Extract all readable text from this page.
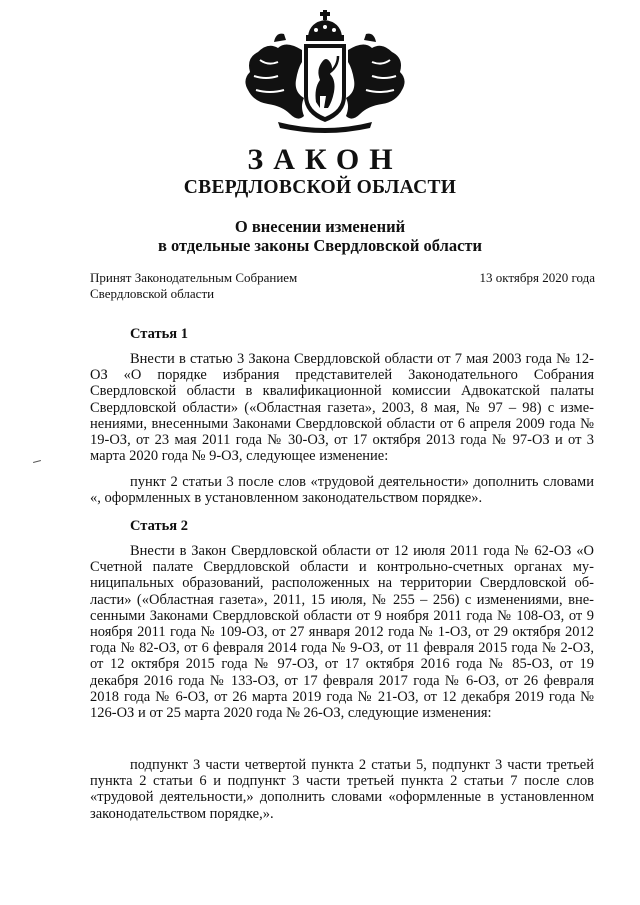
ЗАКОН
СВЕРДЛОВСКОЙ ОБЛАСТИ
О внесении изменений
в отдельные законы Свердловской области
Принят Законодательным Собранием
Свердловской области
13 октября 2020 года
Статья 1
Внести в статью 3 Закона Свердловской области от 7 мая 2003 года № 12-ОЗ «О порядке избрания представителей Законодательного Собрания Свердловской области в квалификационной комиссии Адвокатской палаты Свердловской области» («Областная газета», 2003, 8 мая, № 97 – 98) с изменениями, внесенными Законами Свердловской области от 6 апреля 2009 года № 19-ОЗ, от 23 мая 2011 года № 30-ОЗ, от 17 октября 2013 года № 97-ОЗ и от 3 марта 2020 года № 9-ОЗ, следующее изменение:
пункт 2 статьи 3 после слов «трудовой деятельности» дополнить словами «, оформленных в установленном законодательством порядке».
Статья 2
Внести в Закон Свердловской области от 12 июля 2011 года № 62-ОЗ «О Счетной палате Свердловской области и контрольно-счетных органах муниципальных образований, расположенных на территории Свердловской области» («Областная газета», 2011, 15 июля, № 255 – 256) с изменениями, внесенными Законами Свердловской области от 9 ноября 2011 года № 108-ОЗ, от 9 ноября 2011 года № 109-ОЗ, от 27 января 2012 года № 1-ОЗ, от 29 октября 2012 года № 82-ОЗ, от 6 февраля 2014 года № 9-ОЗ, от 11 февраля 2015 года № 2-ОЗ, от 12 октября 2015 года № 97-ОЗ, от 17 октября 2016 года № 85-ОЗ, от 19 декабря 2016 года № 133-ОЗ, от 17 февраля 2017 года № 6-ОЗ, от 26 февраля 2018 года № 6-ОЗ, от 26 марта 2019 года № 21-ОЗ, от 12 декабря 2019 года № 126-ОЗ и от 25 марта 2020 года № 26-ОЗ, следующие изменения:
подпункт 3 части четвертой пункта 2 статьи 5, подпункт 3 части третьей пункта 2 статьи 6 и подпункт 3 части третьей пункта 2 статьи 7 после слов «трудовой деятельности,» дополнить словами «оформленные в установленном законодательством порядке,».
